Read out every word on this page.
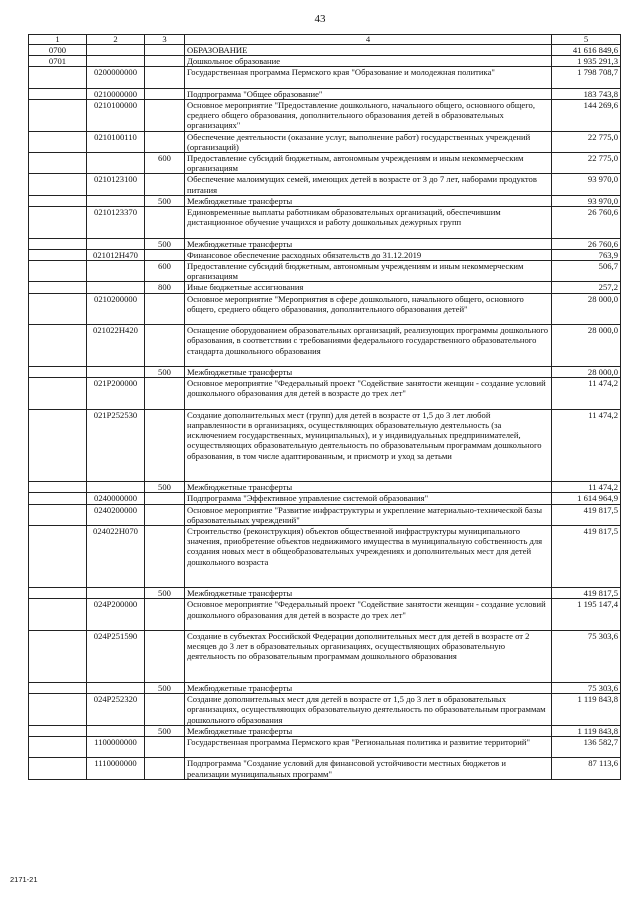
43
1	2	3	4	5
0700			ОБРАЗОВАНИЕ	41 616 849,6
0701			Дошкольное образование	1 935 291,3
	0200000000		Государственная программа Пермского края "Образование и молодежная политика"	1 798 708,7
	0210000000		Подпрограмма "Общее образование"	183 743,8
	0210100000		Основное мероприятие "Предоставление дошкольного, начального общего, основного общего, среднего общего образования, дополнительного образования детей в образовательных организациях"	144 269,6
	0210100110		Обеспечение деятельности (оказание услуг, выполнение работ) государственных учреждений (организаций)	22 775,0
		600	Предоставление субсидий бюджетным, автономным учреждениям и иным некоммерческим организациям	22 775,0
	0210123100		Обеспечение малоимущих семей, имеющих детей в возрасте от 3 до 7 лет, наборами продуктов питания	93 970,0
		500	Межбюджетные трансферты	93 970,0
	0210123370		Единовременные выплаты работникам образовательных организаций, обеспечившим дистанционное обучение учащихся и работу дошкольных дежурных групп	26 760,6
		500	Межбюджетные трансферты	26 760,6
	021012Н470		Финансовое обеспечение расходных обязательств до 31.12.2019	763,9
		600	Предоставление субсидий бюджетным, автономным учреждениям и иным некоммерческим организациям	506,7
		800	Иные бюджетные ассигнования	257,2
	0210200000		Основное мероприятие "Мероприятия в сфере дошкольного, начального общего, основного общего, среднего общего образования, дополнительного образования детей"	28 000,0
	021022Н420		Оснащение оборудованием образовательных организаций, реализующих программы дошкольного образования, в соответствии с требованиями федерального государственного образовательного стандарта дошкольного образования	28 000,0
		500	Межбюджетные трансферты	28 000,0
	021Р200000		Основное мероприятие "Федеральный проект "Содействие занятости женщин - создание условий дошкольного образования для детей в возрасте до трех лет"	11 474,2
	021Р252530		Создание дополнительных мест (групп) для детей в возрасте от 1,5 до 3 лет любой направленности в организациях, осуществляющих образовательную деятельность (за исключением государственных, муниципальных), и у индивидуальных предпринимателей, осуществляющих образовательную деятельность по образовательным программам дошкольного образования, в том числе адаптированным, и присмотр и уход за детьми	11 474,2
		500	Межбюджетные трансферты	11 474,2
	0240000000		Подпрограмма "Эффективное управление системой образования"	1 614 964,9
	0240200000		Основное мероприятие "Развитие инфраструктуры и укрепление материально-технической базы образовательных учреждений"	419 817,5
	024022Н070		Строительство (реконструкция) объектов общественной инфраструктуры муниципального значения, приобретение объектов недвижимого имущества в муниципальную собственность для создания новых мест в общеобразовательных учреждениях и дополнительных мест для детей дошкольного возраста	419 817,5
		500	Межбюджетные трансферты	419 817,5
	024Р200000		Основное мероприятие "Федеральный проект "Содействие занятости женщин - создание условий дошкольного образования для детей в возрасте до трех лет"	1 195 147,4
	024Р251590		Создание в субъектах Российской Федерации дополнительных мест для детей в возрасте от 2 месяцев до 3 лет в образовательных организациях, осуществляющих образовательную деятельность по образовательным программам дошкольного образования	75 303,6
		500	Межбюджетные трансферты	75 303,6
	024Р252320		Создание дополнительных мест для детей в возрасте от 1,5 до 3 лет в образовательных организациях, осуществляющих образовательную деятельность по образовательным программам дошкольного образования	1 119 843,8
		500	Межбюджетные трансферты	1 119 843,8
	1100000000		Государственная программа Пермского края "Региональная политика и развитие территорий"	136 582,7
	1110000000		Подпрограмма "Создание условий для финансовой устойчивости местных бюджетов и реализации муниципальных программ"	87 113,6
2171-21
